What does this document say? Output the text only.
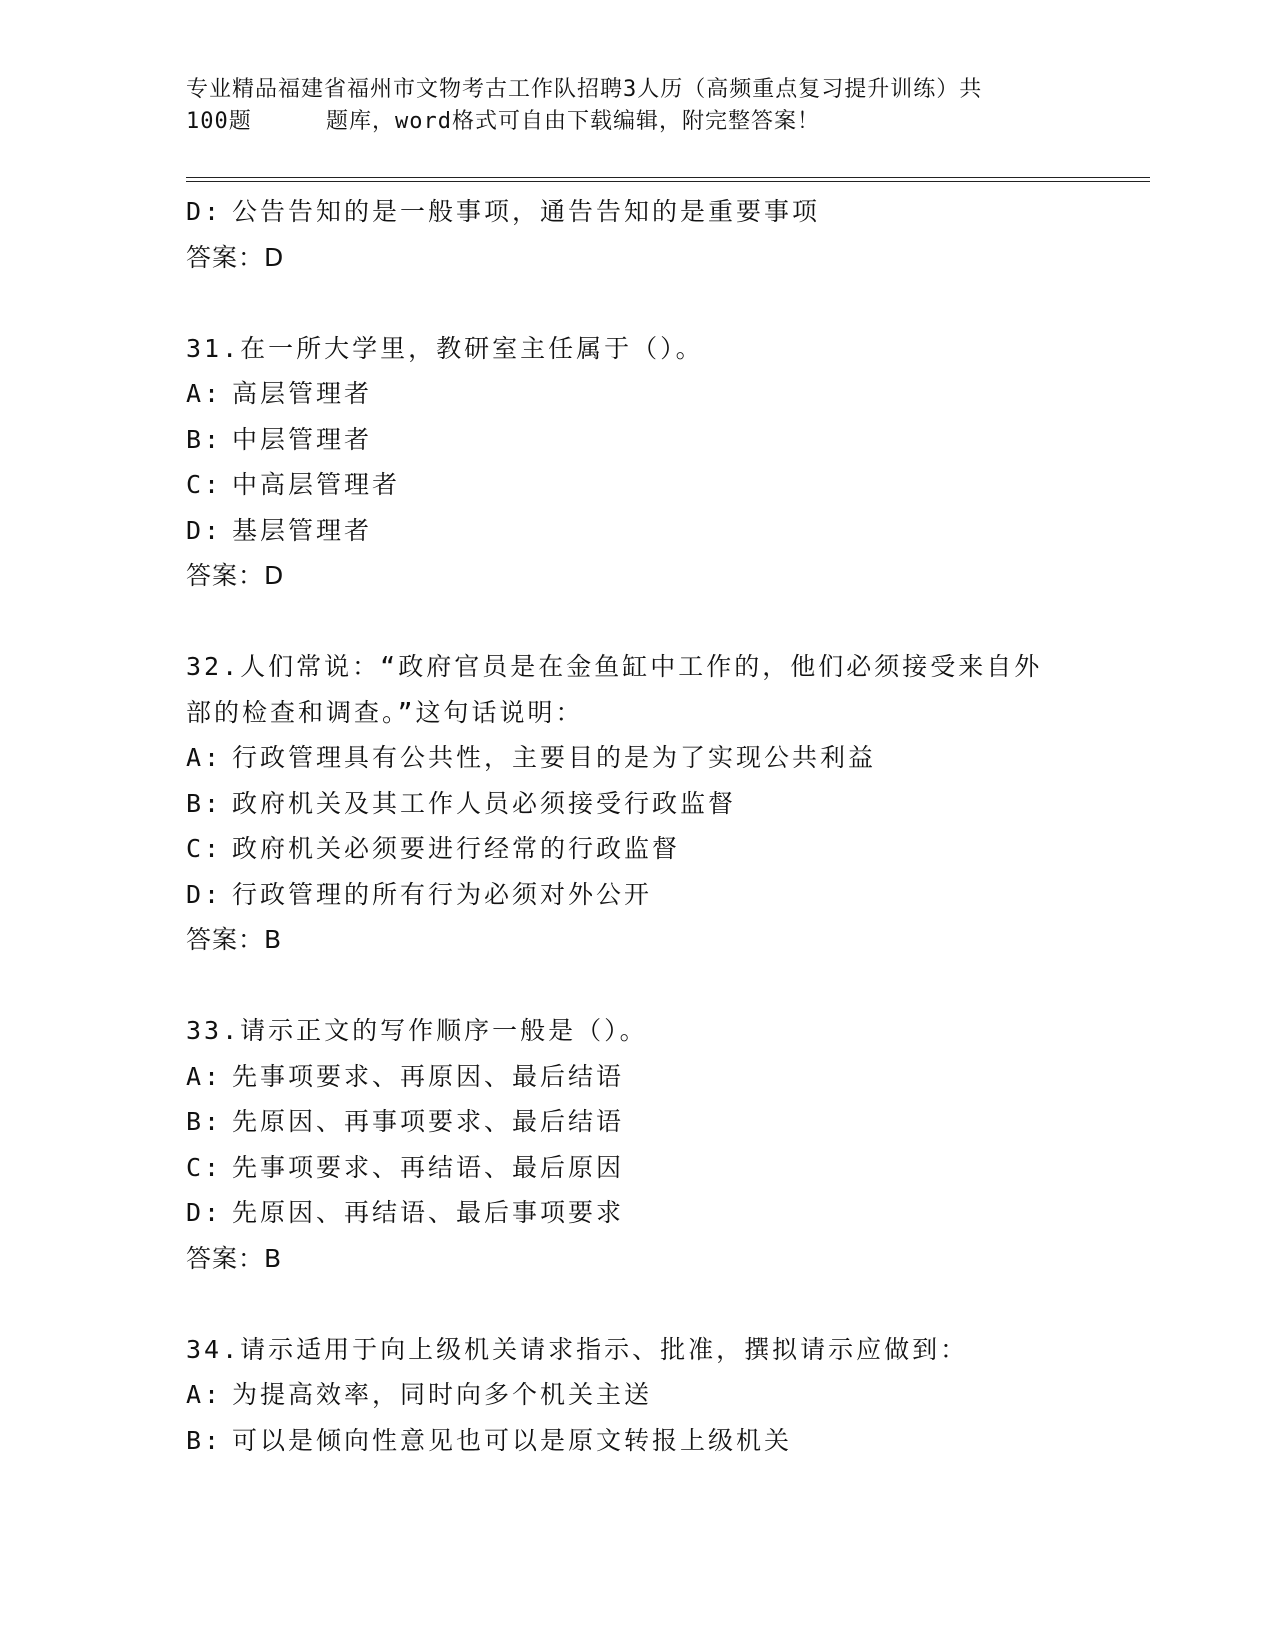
专业精品福建省福州市文物考古工作队招聘3人历（高频重点复习提升训练）共
100题	题库，word格式可自由下载编辑，附完整答案！
D: 公告告知的是一般事项，通告告知的是重要事项
答案：D
31.在一所大学里，教研室主任属于（）。
A: 高层管理者
B: 中层管理者
C: 中高层管理者
D: 基层管理者
答案：D
32.人们常说：“政府官员是在金鱼缸中工作的，他们必须接受来自外
部的检查和调查。”这句话说明：
A: 行政管理具有公共性，主要目的是为了实现公共利益
B: 政府机关及其工作人员必须接受行政监督
C: 政府机关必须要进行经常的行政监督
D: 行政管理的所有行为必须对外公开
答案：B
33.请示正文的写作顺序一般是（）。
A: 先事项要求、再原因、最后结语
B: 先原因、再事项要求、最后结语
C: 先事项要求、再结语、最后原因
D: 先原因、再结语、最后事项要求
答案：B
34.请示适用于向上级机关请求指示、批准，撰拟请示应做到：
A: 为提高效率，同时向多个机关主送
B: 可以是倾向性意见也可以是原文转报上级机关
